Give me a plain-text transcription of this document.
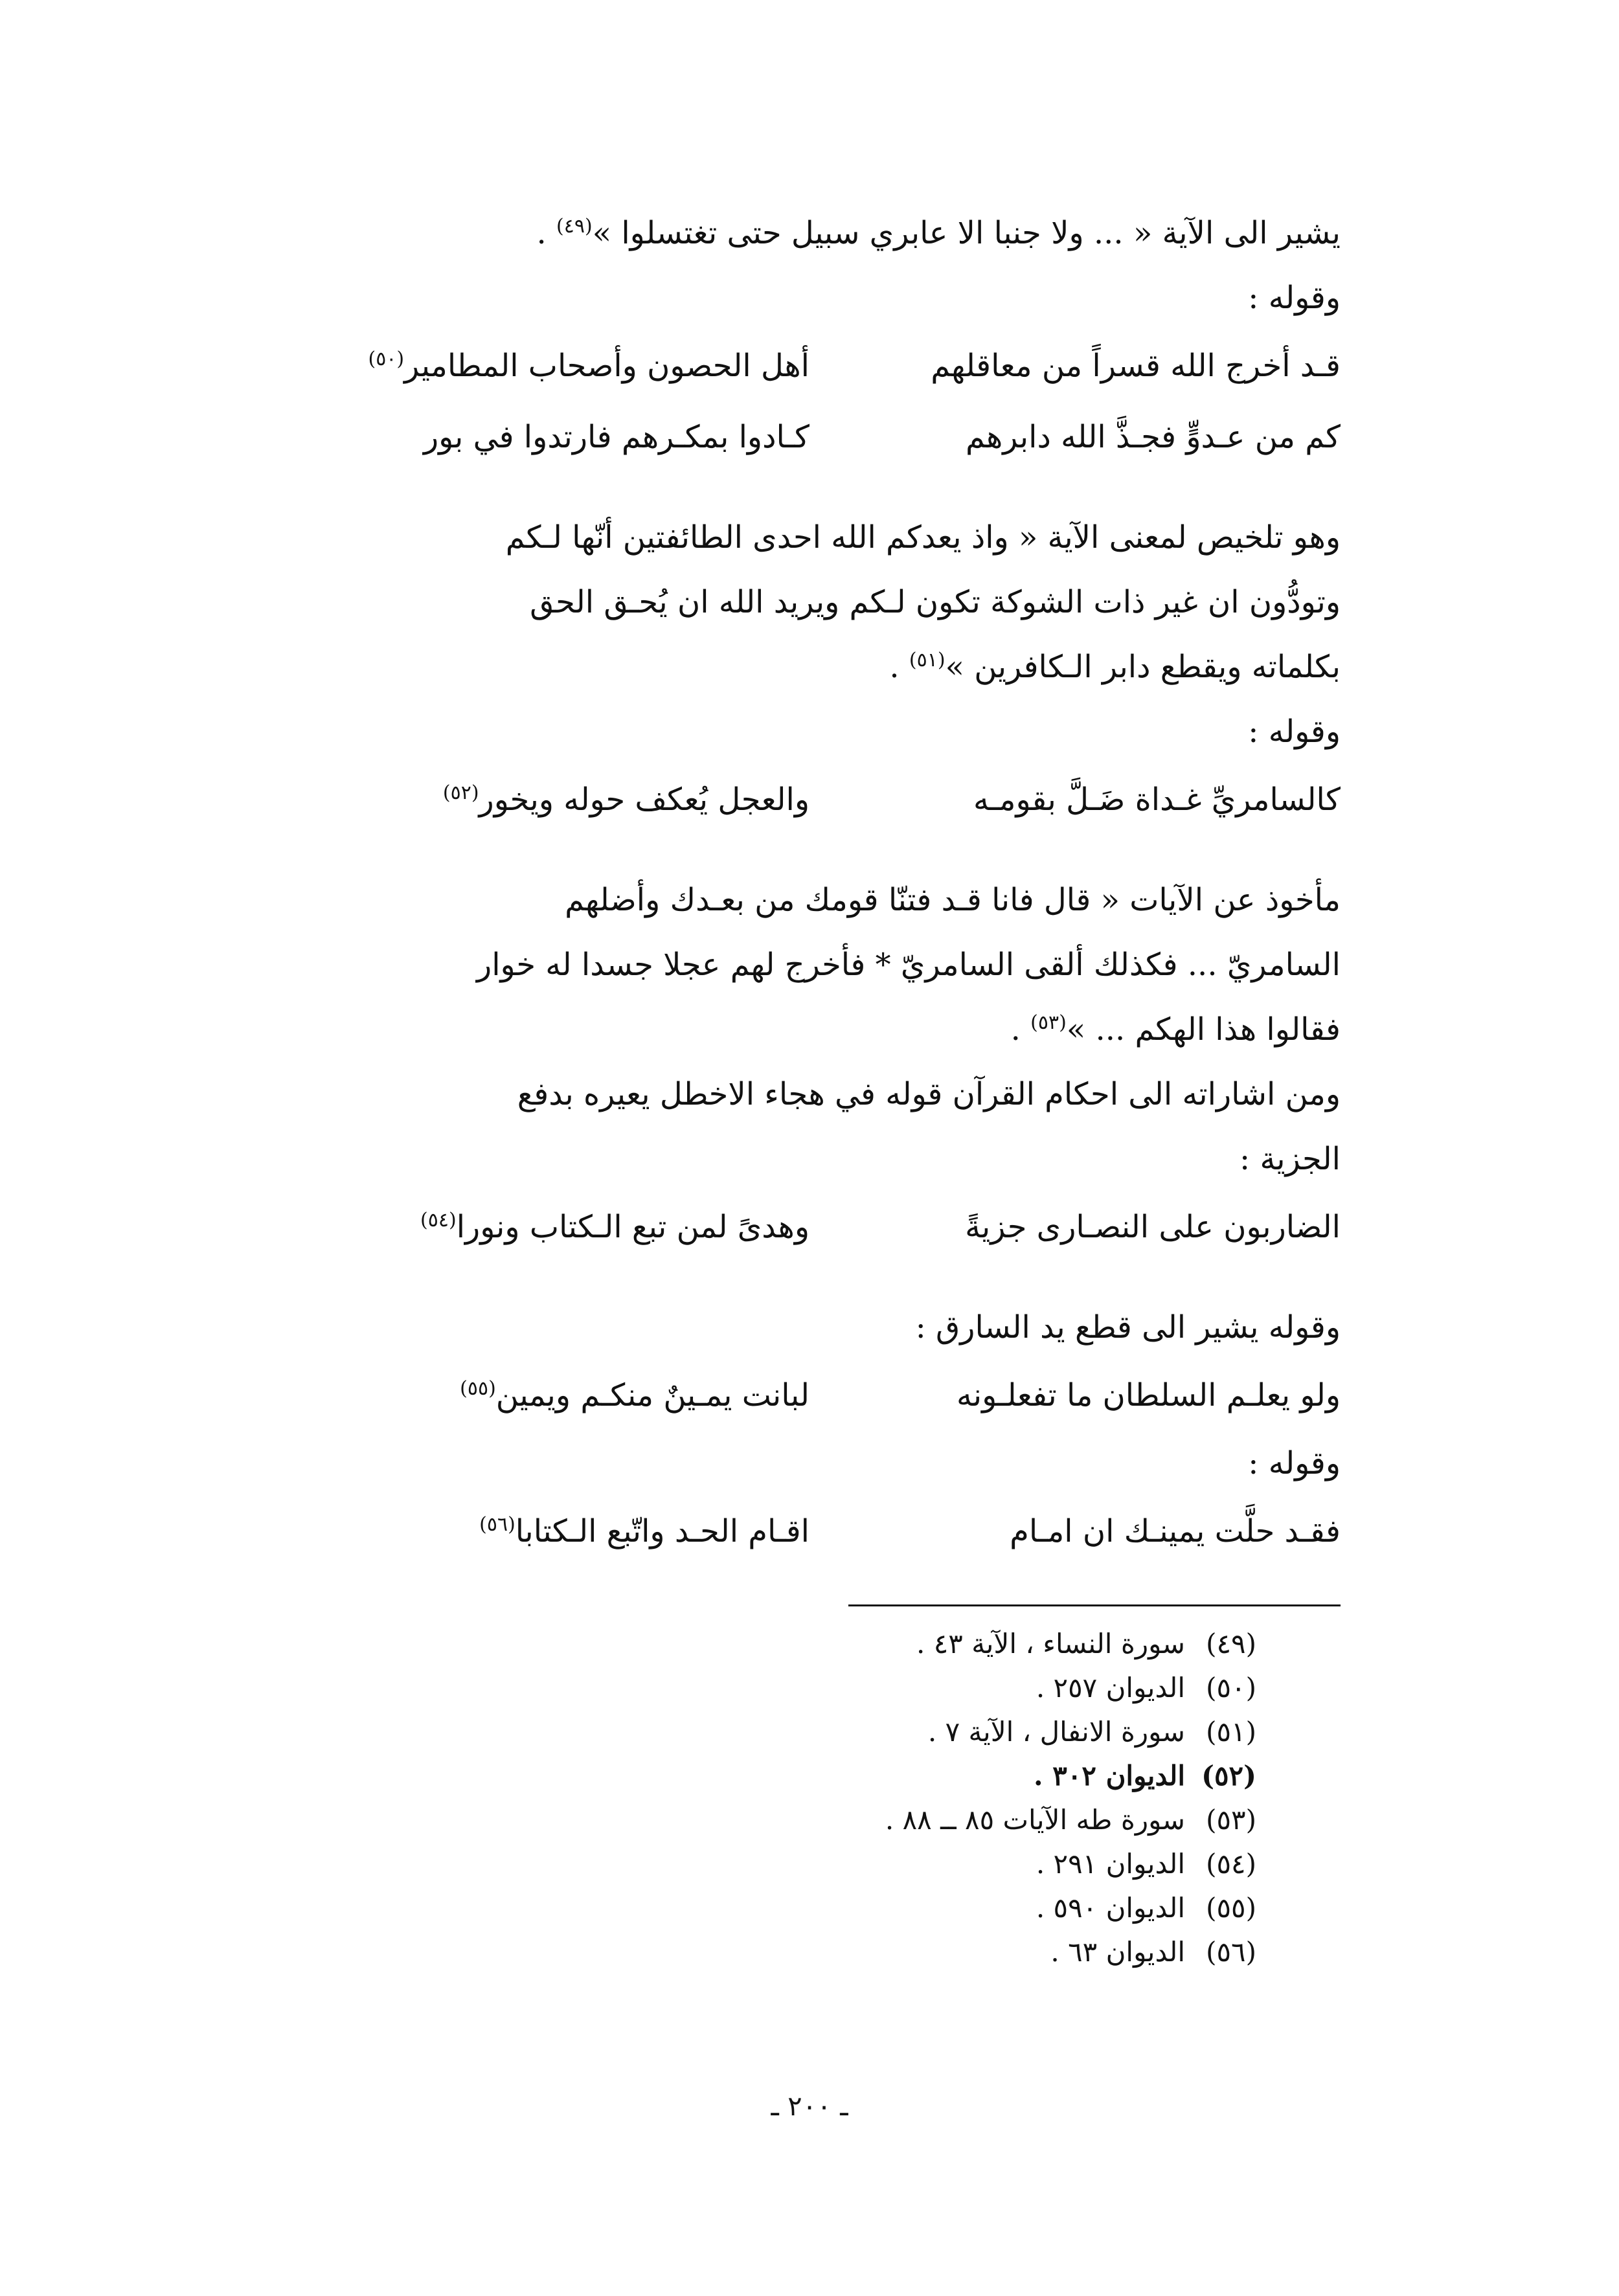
يشير الى الآية « ... ولا جنبا الا عابري سبيل حتى تغتسلوا »$^{(٤٩)}$ .
وقوله :
قـد أخرج الله قسراً من معاقلهم
أهل الحصون وأصحاب المطامير$^{(٥٠)}$
كم من عـدوٍّ فجـذَّ الله دابرهم
كـادوا بمكـرهم فارتدوا في بور
وهو تلخيص لمعنى الآية « واذ يعدكم الله احدى الطائفتين أنّها لـكم
وتودُّون ان غير ذات الشوكة تكون لـكم ويريد الله ان يُحـق الحق
بكلماته ويقطع دابر الـكافرين »$^{(٥١)}$ .
وقوله :
كالسامريِّ غـداة ضَـلَّ بقومـه
والعجل يُعكف حوله ويخور$^{(٥٢)}$
مأخوذ عن الآيات « قال فانا قـد فتنّا قومك من بعـدك وأضلهم
السامريّ ... فكذلك ألقى السامريّ * فأخرج لهم عجلا جسدا له خوار
فقالوا هذا الهكم ... »$^{(٥٣)}$ .
ومن اشاراته الى احكام القرآن قوله في هجاء الاخطل يعيره بدفع
الجزية :
الضاربون على النصـارى جزيةً
وهدىً لمن تبع الـكتاب ونورا$^{(٥٤)}$
وقوله يشير الى قطع يد السارق :
ولو يعلـم السلطان ما تفعلـونه
لبانت يمـينٌ منكـم ويمين$^{(٥٥)}$
وقوله :
فقـد حلَّت يمينـك ان امـام
اقـام الحـد واتّبع الـكتابا$^{(٥٦)}$
(٤٩)سورة النساء ، الآية ٤٣ .
(٥٠)الديوان ٢٥٧ .
(٥١)سورة الانفال ، الآية ٧ .
(٥٢)الديوان ٣٠٢ .
(٥٣)سورة طه الآيات ٨٥ ــ ٨٨ .
(٥٤)الديوان ٢٩١ .
(٥٥)الديوان ٥٩٠ .
(٥٦)الديوان ٦٣ .
ـ ٢٠٠ ـ
